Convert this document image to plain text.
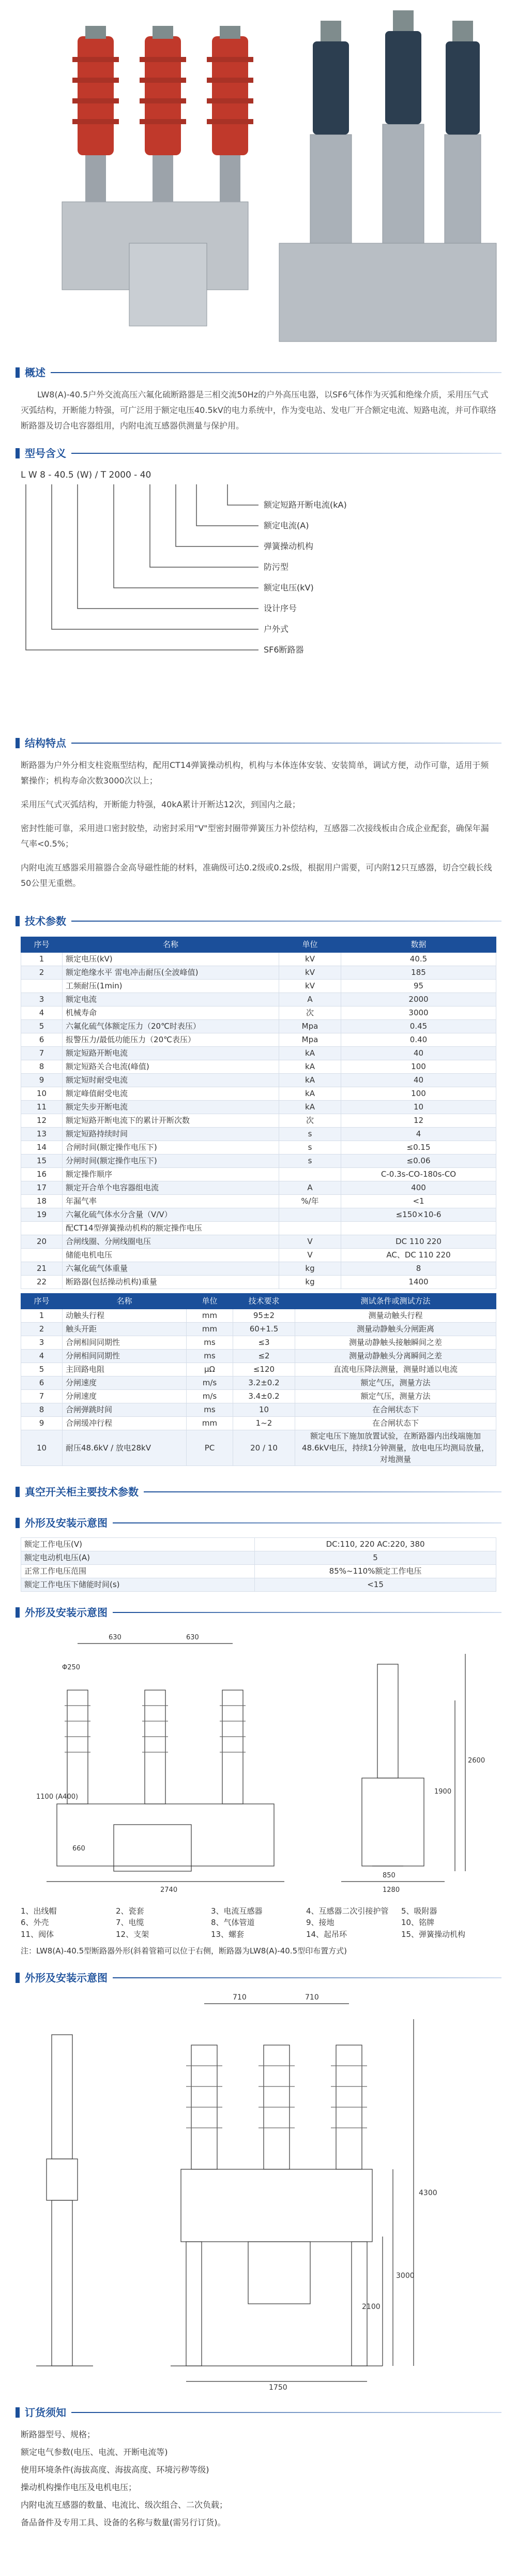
概述

LW8(A)-40.5户外交流高压六氟化硫断路器是三相交流50Hz的户外高压电器，以SF6气体作为灭弧和绝缘介质，采用压气式灭弧结构，开断能力特强，可广泛用于额定电压40.5kV的电力系统中，作为变电站、发电厂开合额定电流、短路电流，并可作联络断路器及切合电容器组用，内附电流互感器供测量与保护用。

型号含义
L W 8 - 40.5 (W) / T 2000 - 40
额定短路开断电流(kA)
额定电流(A)
弹簧操动机构
防污型
额定电压(kV)
设计序号
户外式
SF6断路器
结构特点

断路器为户外分相支柱瓷瓶型结构，配用CT14弹簧操动机构，机构与本体连体安装、安装简单，调试方便，动作可靠，适用于频繁操作；机构寿命次数3000次以上；

采用压气式灭弧结构，开断能力特强，40kA累计开断达12次，到国内之最；

密封性能可靠，采用进口密封胶垫，动密封采用"V"型密封圈带弹簧压力补偿结构，互感器二次接线板由合成企业配套，确保年漏气率<0.5%；

内附电流互感器采用箍器合金高导磁性能的材料，准确级可达0.2级或0.2s级，根据用户需要，可内附12只互感器，切合空载长线50公里无重燃。

技术参数
序号	名称	单位	数据
1	额定电压(kV)	kV	40.5
2	额定绝缘水平 雷电冲击耐压(全波峰值)	kV	185
	工频耐压(1min)	kV	95
3	额定电流	A	2000
4	机械寿命	次	3000
5	六氟化硫气体额定压力（20℃时表压）	Mpa	0.45
6	报警压力/最低功能压力（20℃表压）	Mpa	0.40
7	额定短路开断电流	kA	40
8	额定短路关合电流(峰值)	kA	100
9	额定短时耐受电流	kA	40
10	额定峰值耐受电流	kA	100
11	额定失步开断电流	kA	10
12	额定短路开断电流下的累计开断次数	次	12
13	额定短路持续时间	s	4
14	合闸时间(额定操作电压下)	s	≤0.15
15	分闸时间(额定操作电压下)	s	≤0.06
16	额定操作顺序		C-0.3s-CO-180s-CO
17	额定开合单个电容器组电流	A	400
18	年漏气率	%/年	<1
19	六氟化硫气体水分含量（V/V）		≤150×10-6
	配CT14型弹簧操动机构的额定操作电压		
20	合闸线圈、分闸线圈电压	V	DC 110 220
	储能电机电压	V	AC、DC 110 220
21	六氟化硫气体重量	kg	8
22	断路器(包括操动机构)重量	kg	1400
序号	名称	单位	技术要求	测试条件或测试方法
1	动触头行程	mm	95±2	测量动触头行程
2	触头开距	mm	60+1.5	测量动静触头分闸距离
3	合闸相间同期性	ms	≤3	测量动静触头接触瞬间之差
4	分闸相间同期性	ms	≤2	测量动静触头分离瞬间之差
5	主回路电阻	μΩ	≤120	直流电压降法测量，测量时通以电流
6	分闸速度	m/s	3.2±0.2	额定气压，测量方法
7	分闸速度	m/s	3.4±0.2	额定气压，测量方法
8	合闸弹跳时间	ms	10	在合闸状态下
9	合闸缓冲行程	mm	1~2	在合闸状态下
10	耐压48.6kV / 放电28kV	PC	20 / 10	额定电压下施加放置试验，在断路器内出线端施加48.6kV电压，持续1分钟测量，放电电压均测局放量，对地测量
真空开关柜主要技术参数
外形及安装示意图
额定工作电压(V)	DC:110, 220 AC:220, 380
额定电动机电压(A)	5
正常工作电压范围	85%~110%额定工作电压
额定工作电压下储能时间(s)	<15
外形及安装示意图
630	630
Φ250
1100 (A400)
2740	1280
850
2600
1900
660
1、出线帽	2、瓷套	3、电流互感器	4、互感器二次引接护管	5、吸附器
6、外壳	7、电缆	8、气体管道	9、接地	10、铭牌
11、阀体	12、支架	13、螺套	14、起吊环	15、弹簧操动机构

注：LW8(A)-40.5型断路器外形(斜着管箱可以位于右侧，断路器为LW8(A)-40.5型印布置方式)

外形及安装示意图
710	710
4300
3000
2100
1750
订货须知
断路器型号、规格；
额定电气参数(电压、电流、开断电流等)
使用环境条件(海拔高度、海拔高度、环境污秽等级)
操动机构操作电压及电机电压；
内附电流互感器的数量、电流比、级次组合、二次负载；
备品备件及专用工具、设备的名称与数量(需另行订货)。
